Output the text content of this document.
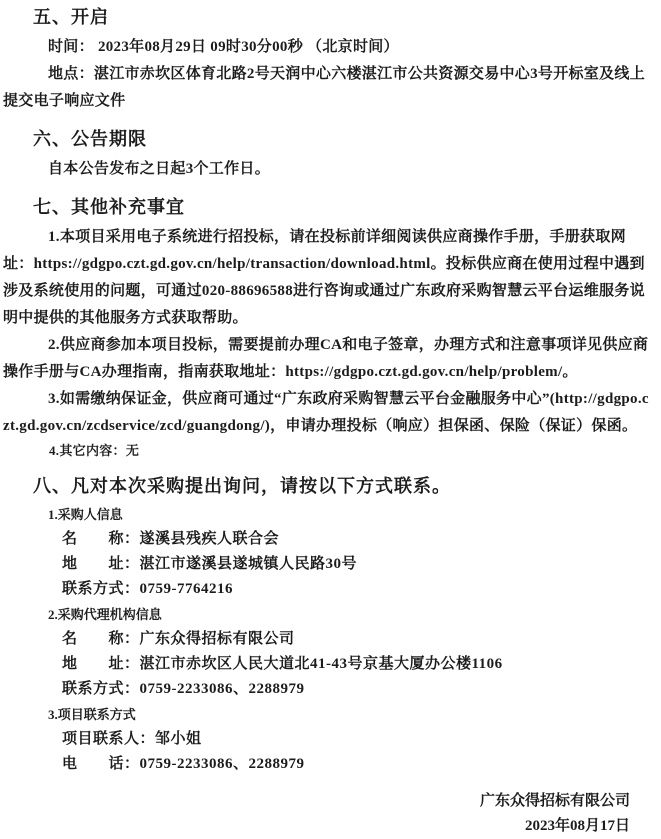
五、开启

时间： 2023年08月29日 09时30分00秒 （北京时间）

地点：湛江市赤坎区体育北路2号天润中心六楼湛江市公共资源交易中心3号开标室及线上提交电子响应文件

六、公告期限

自本公告发布之日起3个工作日。

七、其他补充事宜

1.本项目采用电子系统进行招投标，请在投标前详细阅读供应商操作手册，手册获取网址：https://gdgpo.czt.gd.gov.cn/help/transaction/download.html。投标供应商在使用过程中遇到涉及系统使用的问题，可通过020-88696588进行咨询或通过广东政府采购智慧云平台运维服务说明中提供的其他服务方式获取帮助。

2.供应商参加本项目投标，需要提前办理CA和电子签章，办理方式和注意事项详见供应商操作手册与CA办理指南，指南获取地址：https://gdgpo.czt.gd.gov.cn/help/problem/。

3.如需缴纳保证金，供应商可通过“广东政府采购智慧云平台金融服务中心”(http://gdgpo.czt.gd.gov.cn/zcdservice/zcd/guangdong/)，申请办理投标（响应）担保函、保险（保证）保函。

4.其它内容：无

八、凡对本次采购提出询问，请按以下方式联系。

1.采购人信息

名　　称：遂溪县残疾人联合会

地　　址：湛江市遂溪县遂城镇人民路30号

联系方式：0759-7764216

2.采购代理机构信息

名　　称：广东众得招标有限公司

地　　址：湛江市赤坎区人民大道北41-43号京基大厦办公楼1106

联系方式：0759-2233086、2288979

3.项目联系方式

项目联系人：邹小姐

电　　话：0759-2233086、2288979

广东众得招标有限公司

2023年08月17日
